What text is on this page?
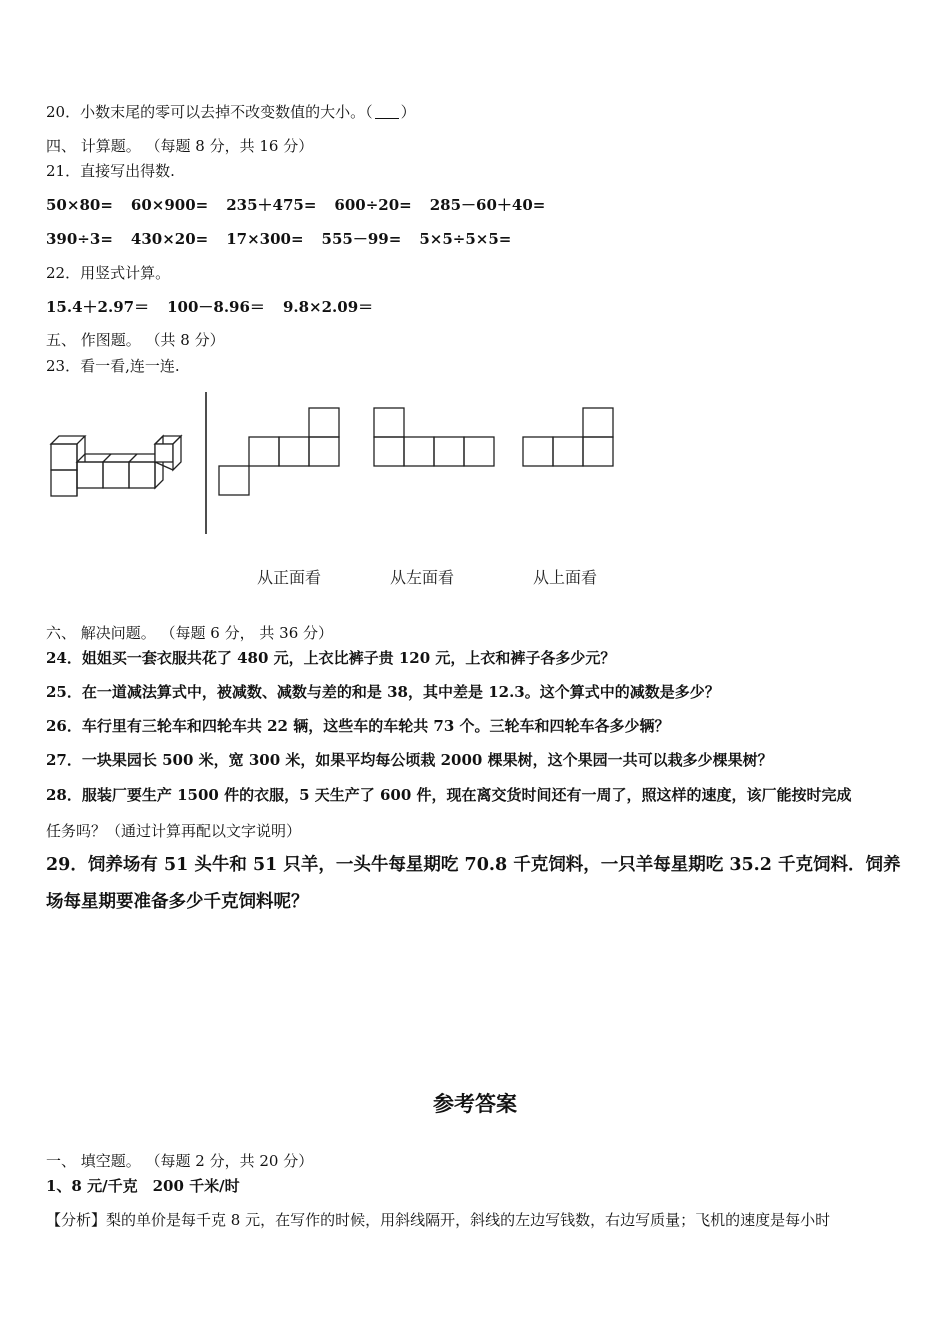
20．小数末尾的零可以去掉不改变数值的大小。（ ）
四、 计算题。 （每题 8 分，共 16 分）
21．直接写出得数.
50×80= 60×900= 235＋475= 600÷20= 285－60＋40=
390÷3= 430×20= 17×300= 555－99= 5×5÷5×5=
22．用竖式计算。
15.4＋2.97＝ 100－8.96＝ 9.8×2.09＝
五、 作图题。 （共 8 分）
23．看一看,连一连.
从正面看	从左面看	从上面看
六、 解决问题。 （每题 6 分， 共 36 分）
24．姐姐买一套衣服共花了 480 元，上衣比裤子贵 120 元，上衣和裤子各多少元？
25．在一道减法算式中，被减数、减数与差的和是 38，其中差是 12.3。这个算式中的减数是多少？
26．车行里有三轮车和四轮车共 22 辆，这些车的车轮共 73 个。三轮车和四轮车各多少辆？
27．一块果园长 500 米，宽 300 米，如果平均每公顷栽 2000 棵果树，这个果园一共可以栽多少棵果树？
28．服装厂要生产 1500 件的衣服，5 天生产了 600 件，现在离交货时间还有一周了，照这样的速度，该厂能按时完成
任务吗？（通过计算再配以文字说明）
29．饲养场有 51 头牛和 51 只羊，一头牛每星期吃 70.8 千克饲料，一只羊每星期吃 35.2 千克饲料．饲养
场每星期要准备多少千克饲料呢？
参考答案
一、 填空题。 （每题 2 分，共 20 分）
1、8 元/千克　200 千米/时
【分析】梨的单价是每千克 8 元，在写作的时候，用斜线隔开，斜线的左边写钱数，右边写质量；飞机的速度是每小时
